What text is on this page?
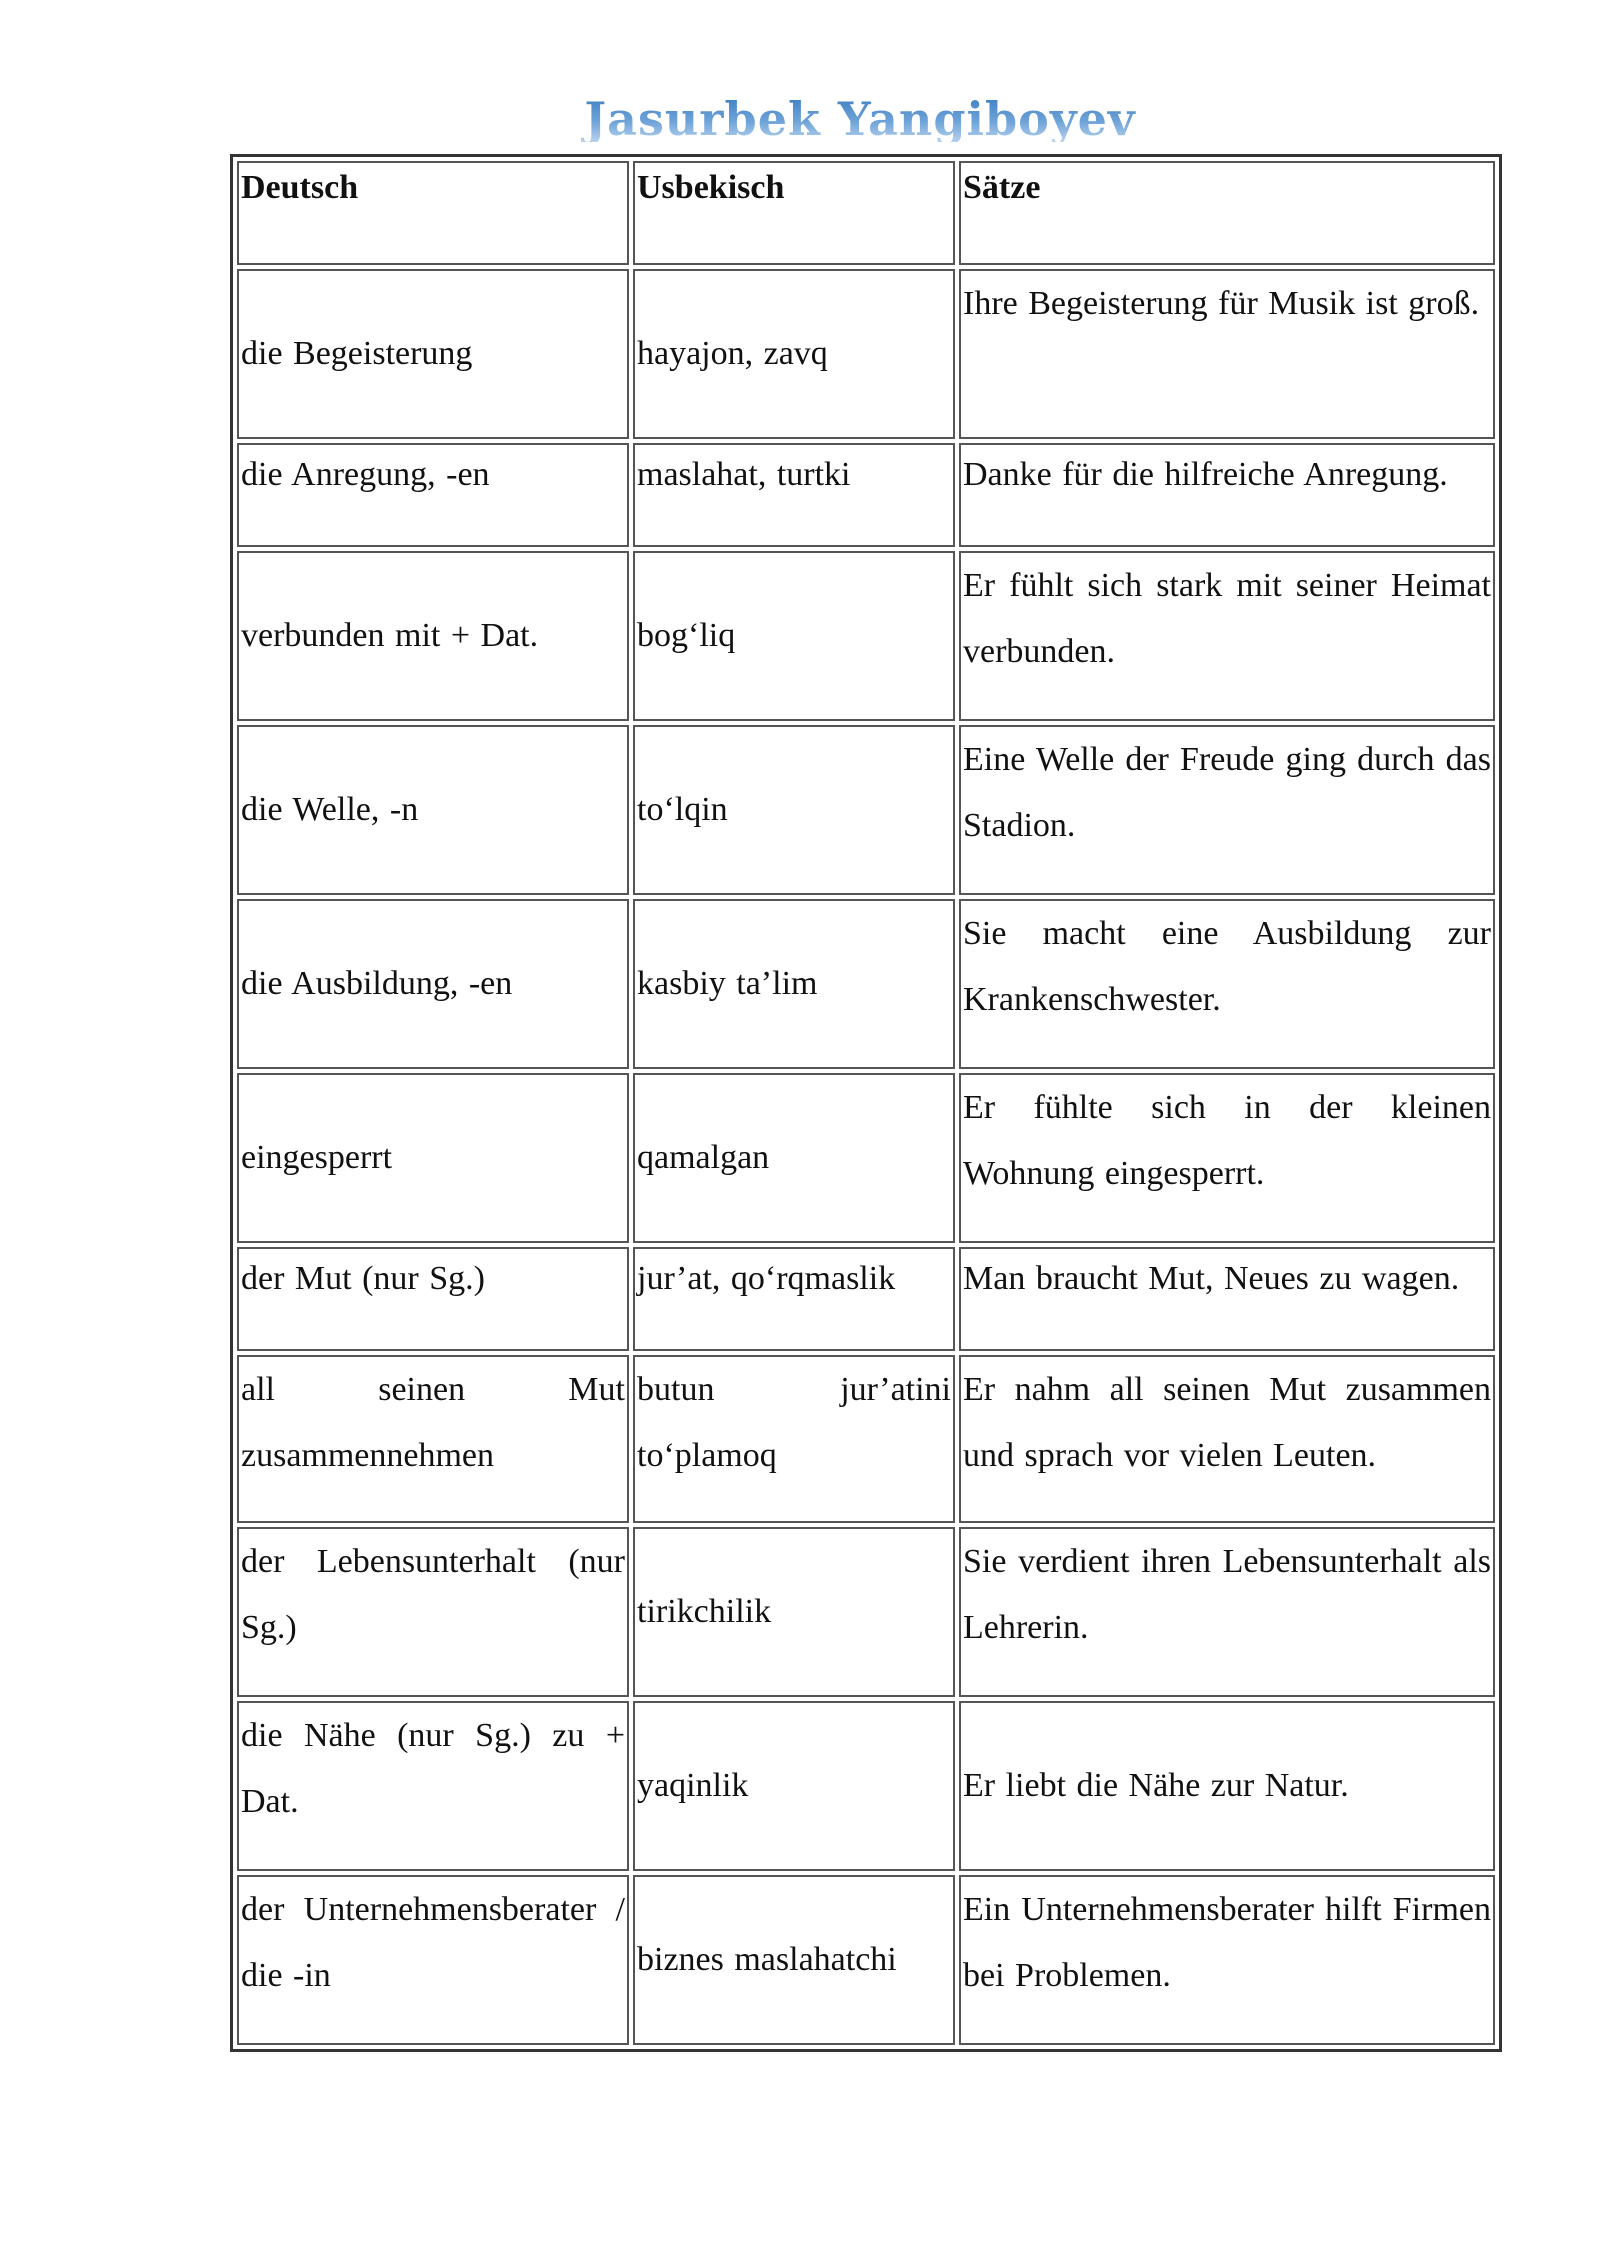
Jasurbek Yangiboyev
Deutsch	Usbekisch	Sätze
die Begeisterung	hayajon, zavq	Ihre Begeisterung für Musik ist groß.
die Anregung, -en	maslahat, turtki	Danke für die hilfreiche Anregung.
verbunden mit + Dat.	bog‘liq	Er fühlt sich stark mit seiner Heimat verbunden.
die Welle, -n	to‘lqin	Eine Welle der Freude ging durch das Stadion.
die Ausbildung, -en	kasbiy ta’lim	Sie macht eine Ausbildung zur Krankenschwester.
eingesperrt	qamalgan	Er fühlte sich in der kleinen Wohnung eingesperrt.
der Mut (nur Sg.)	jur’at, qo‘rqmaslik	Man braucht Mut, Neues zu wagen.
all seinen Mut zusammennehmen	butun jur’atini to‘plamoq	Er nahm all seinen Mut zusammen und sprach vor vielen Leuten.
der Lebensunterhalt (nur Sg.)	tirikchilik	Sie verdient ihren Lebensunterhalt als Lehrerin.
die Nähe (nur Sg.) zu + Dat.	yaqinlik	Er liebt die Nähe zur Natur.
der Unternehmensberater / die -in	biznes maslahatchi	Ein Unternehmensberater hilft Firmen bei Problemen.
